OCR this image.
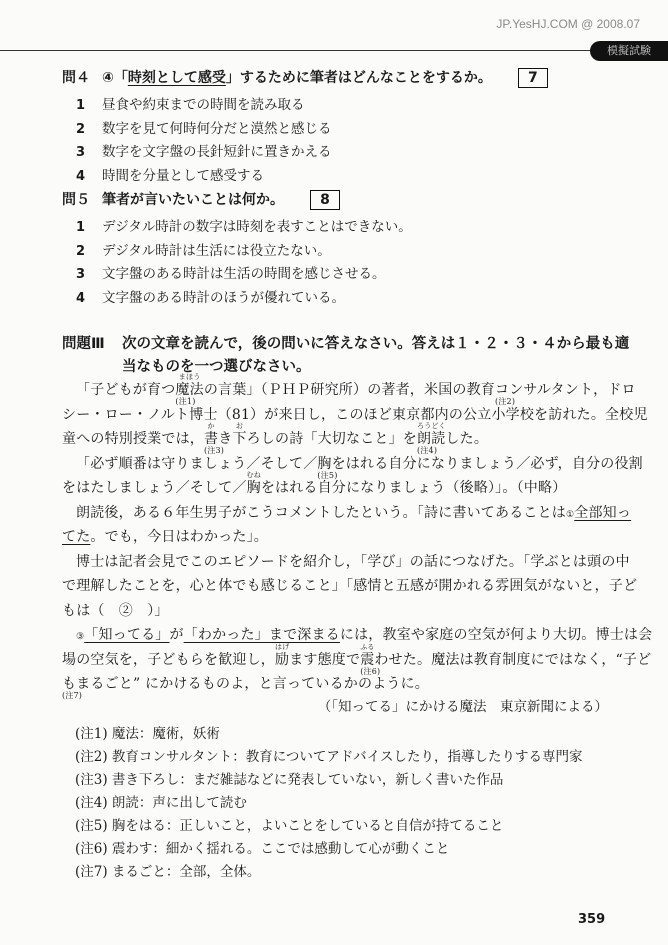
JP.YesHJ.COM @ 2008.07
模擬試験
問４ ④「時刻として感受」するために筆者はどんなことをするか。	7
1 昼食や約束までの時間を読み取る
2 数字を見て何時何分だと漠然と感じる
3 数字を文字盤の長針短針に置きかえる
4 時間を分量として感受する
問５ 筆者が言いたいことは何か。	8
1 デジタル時計の数字は時刻を表すことはできない。
2 デジタル時計は生活には役立たない。
3 文字盤のある時計は生活の時間を感じさせる。
4 文字盤のある時計のほうが優れている。
問題Ⅲ 次の文章を読んで，後の問いに答えなさい。答えは１・２・３・４から最も適
当なものを一つ選びなさい。
「子どもが育つ魔法
まほう
(注1)
の言葉」（ＰＨＰ研究所）の著者，米国の教育コンサルタント
(注2)
，ドロ
シー・ロー・ノルト博士（81）が来日し，このほど東京都内の公立小学校を訪れた。全校児
童への特別授業では，書
か
(注3)
き下
お
ろしの詩「大切なこと」を朗読
ろうどく
(注4)
した。
「必ず順番は守りましょう／そして／胸をはれる
(注5)
自分になりましょう／必ず，自分の役割
をはたしましょう／そして／胸
むね
をはれる自分になりましょう（後略）」。（中略）
朗読後，ある６年生男子がこうコメントしたという。「詩に書いてあることは①全部知っ
てた。でも，今日はわかった」。
博士は記者会見でこのエピソードを紹介し，「学び」の話につなげた。「学ぶとは頭の中
で理解したことを，心と体でも感じること」「感情と五感が開かれる雰囲気がないと，子ど
もは（　②　）」
③「知ってる」が「わかった」まで深まるには，教室や家庭の空気が何より大切。博士は会
場の空気を，子どもらを歓迎し，励
はげ
ます態度で震
ふる
(注6)
わせた。魔法は教育制度にではなく，“子ど
もまるごと
(注7)
” にかけるものよ，と言っているかのように。
（「知ってる」にかける魔法　東京新聞による）
(注1) 魔法：魔術，妖術
(注2) 教育コンサルタント：教育についてアドバイスしたり，指導したりする専門家
(注3) 書き下ろし：まだ雑誌などに発表していない，新しく書いた作品
(注4) 朗読：声に出して読む
(注5) 胸をはる：正しいこと，よいことをしていると自信が持てること
(注6) 震わす：細かく揺れる。ここでは感動して心が動くこと
(注7) まるごと：全部，全体。
359
